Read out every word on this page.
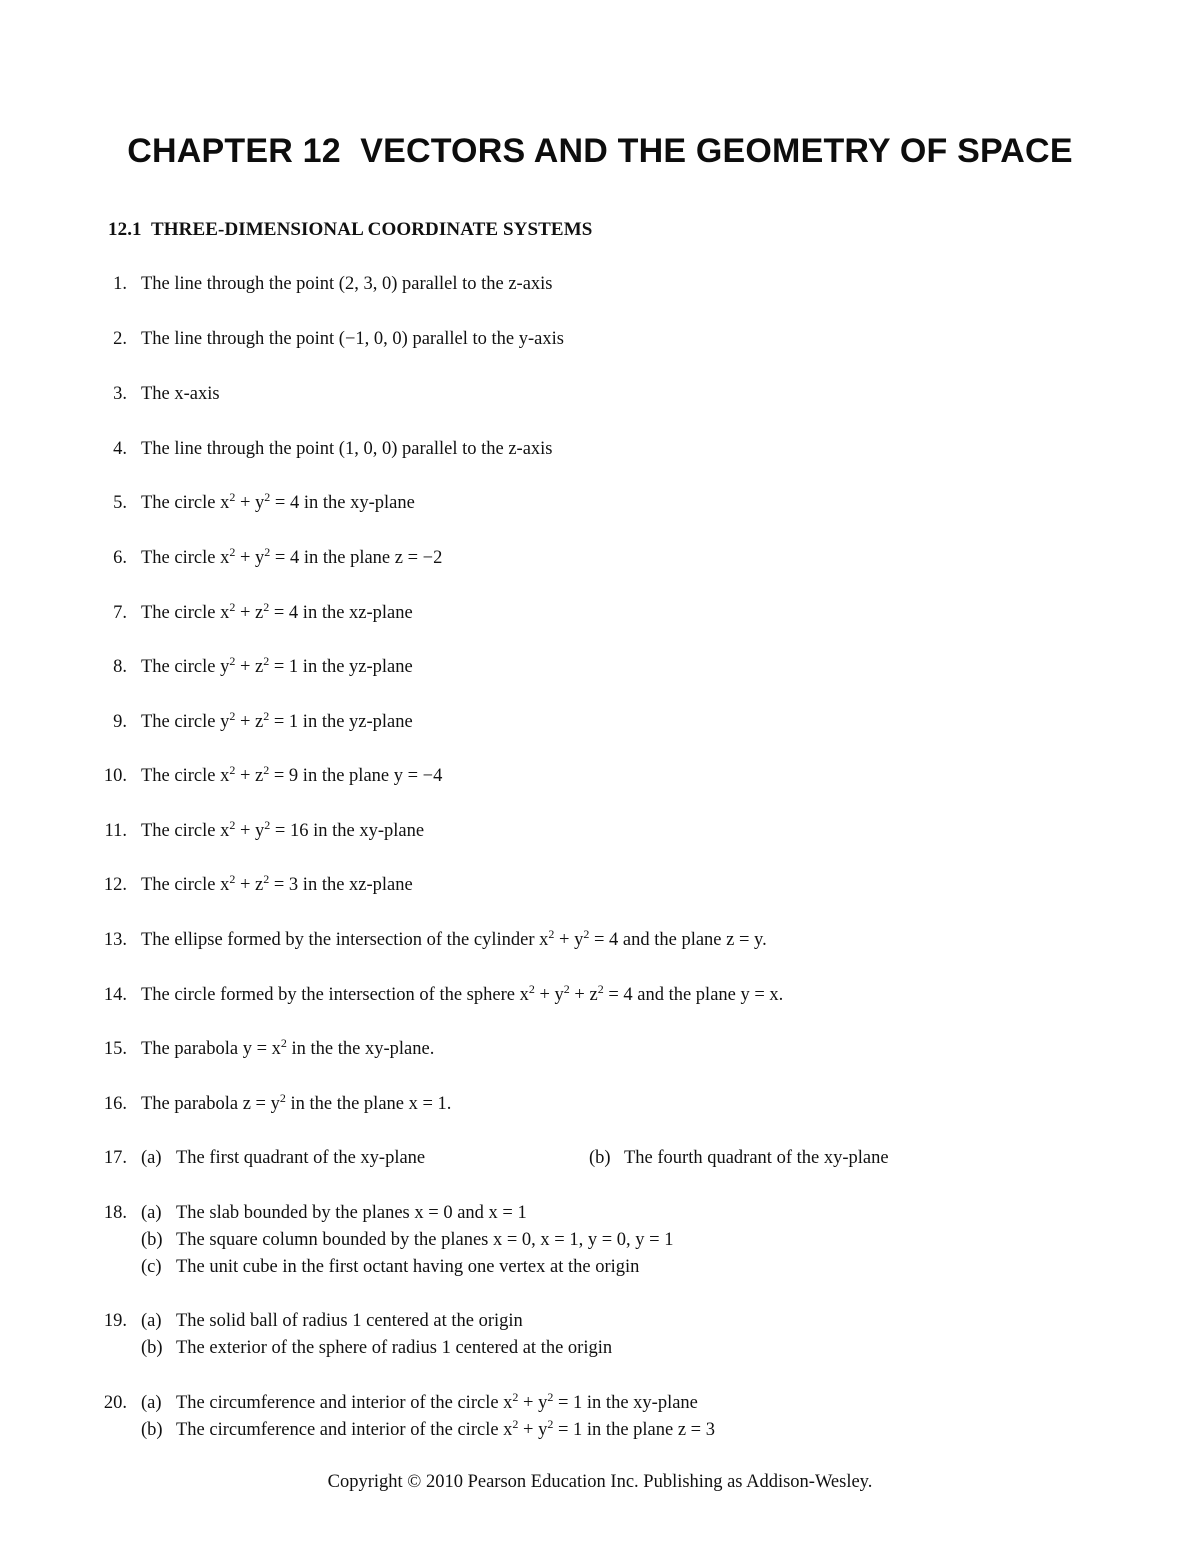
CHAPTER 12  VECTORS AND THE GEOMETRY OF SPACE
12.1  THREE-DIMENSIONAL COORDINATE SYSTEMS
1. The line through the point (2, 3, 0) parallel to the z-axis
2. The line through the point (−1, 0, 0) parallel to the y-axis
3. The x-axis
4. The line through the point (1, 0, 0) parallel to the z-axis
5. The circle $x^2 + y^2 = 4$ in the xy-plane
6. The circle $x^2 + y^2 = 4$ in the plane z = −2
7. The circle $x^2 + z^2 = 4$ in the xz-plane
8. The circle $y^2 + z^2 = 1$ in the yz-plane
9. The circle $y^2 + z^2 = 1$ in the yz-plane
10. The circle $x^2 + z^2 = 9$ in the plane y = −4
11. The circle $x^2 + y^2 = 16$ in the xy-plane
12. The circle $x^2 + z^2 = 3$ in the xz-plane
13. The ellipse formed by the intersection of the cylinder $x^2 + y^2 = 4$ and the plane z = y.
14. The circle formed by the intersection of the sphere $x^2 + y^2 + z^2 = 4$ and the plane y = x.
15. The parabola $y = x^2$ in the the xy-plane.
16. The parabola $z = y^2$ in the the plane x = 1.
17. (a) The first quadrant of the xy-plane	(b) The fourth quadrant of the xy-plane
18. (a) The slab bounded by the planes x = 0 and x = 1
(b) The square column bounded by the planes x = 0, x = 1, y = 0, y = 1
(c) The unit cube in the first octant having one vertex at the origin
19. (a) The solid ball of radius 1 centered at the origin
(b) The exterior of the sphere of radius 1 centered at the origin
20. (a) The circumference and interior of the circle $x^2 + y^2 = 1$ in the xy-plane
(b) The circumference and interior of the circle $x^2 + y^2 = 1$ in the plane z = 3
Copyright © 2010 Pearson Education Inc. Publishing as Addison-Wesley.
